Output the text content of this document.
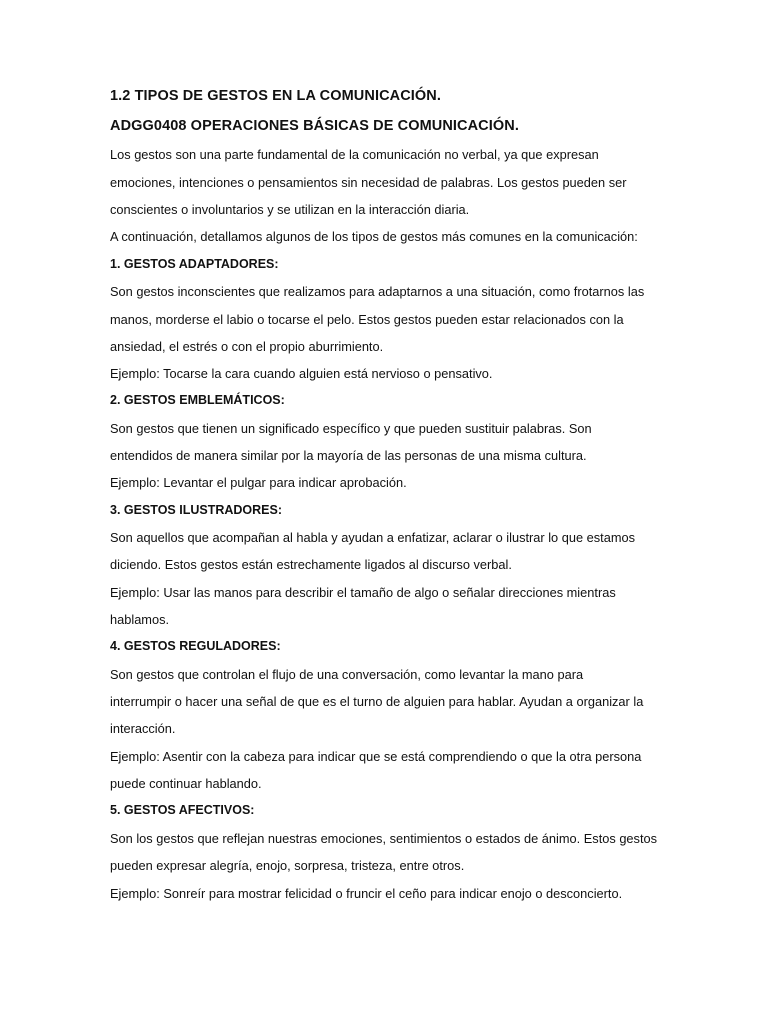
1.2 TIPOS DE GESTOS EN LA COMUNICACIÓN.
ADGG0408 OPERACIONES BÁSICAS DE COMUNICACIÓN.
Los gestos son una parte fundamental de la comunicación no verbal, ya que expresan
emociones, intenciones o pensamientos sin necesidad de palabras. Los gestos pueden ser
conscientes o involuntarios y se utilizan en la interacción diaria.
A continuación, detallamos algunos de los tipos de gestos más comunes en la comunicación:
1. GESTOS ADAPTADORES:
Son gestos inconscientes que realizamos para adaptarnos a una situación, como frotarnos las
manos, morderse el labio o tocarse el pelo. Estos gestos pueden estar relacionados con la
ansiedad, el estrés o con el propio aburrimiento.
Ejemplo: Tocarse la cara cuando alguien está nervioso o pensativo.
2. GESTOS EMBLEMÁTICOS:
Son gestos que tienen un significado específico y que pueden sustituir palabras. Son
entendidos de manera similar por la mayoría de las personas de una misma cultura.
Ejemplo: Levantar el pulgar para indicar aprobación.
3. GESTOS ILUSTRADORES:
Son aquellos que acompañan al habla y ayudan a enfatizar, aclarar o ilustrar lo que estamos
diciendo. Estos gestos están estrechamente ligados al discurso verbal.
Ejemplo: Usar las manos para describir el tamaño de algo o señalar direcciones mientras
hablamos.
4. GESTOS REGULADORES:
Son gestos que controlan el flujo de una conversación, como levantar la mano para
interrumpir o hacer una señal de que es el turno de alguien para hablar. Ayudan a organizar la
interacción.
Ejemplo: Asentir con la cabeza para indicar que se está comprendiendo o que la otra persona
puede continuar hablando.
5. GESTOS AFECTIVOS:
Son los gestos que reflejan nuestras emociones, sentimientos o estados de ánimo. Estos gestos
pueden expresar alegría, enojo, sorpresa, tristeza, entre otros.
Ejemplo: Sonreír para mostrar felicidad o fruncir el ceño para indicar enojo o desconcierto.
